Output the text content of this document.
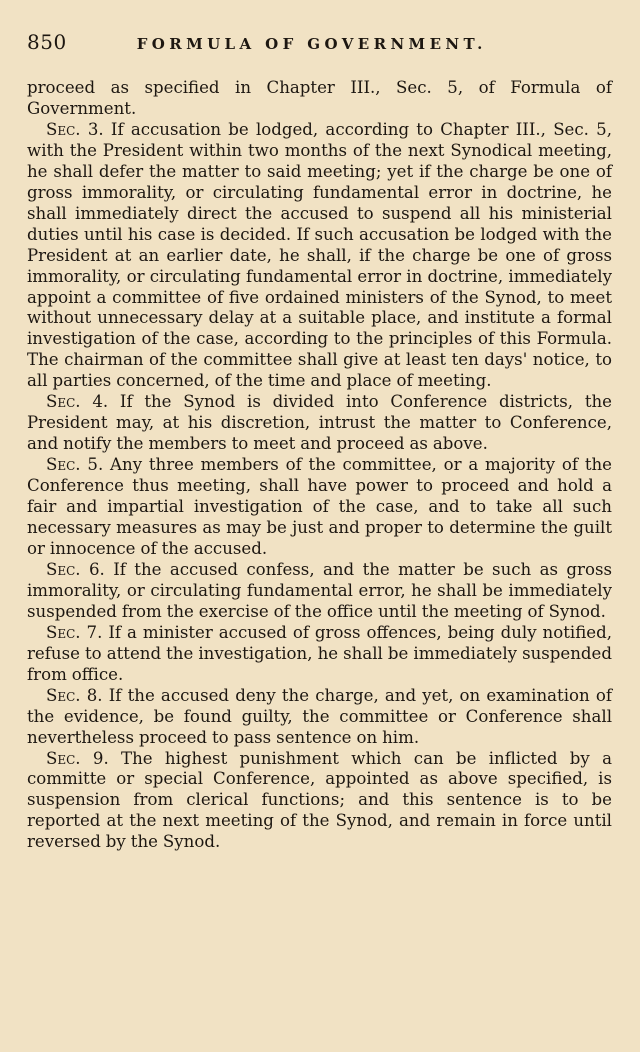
850	FORMULA OF GOVERNMENT.

proceed as specified in Chapter III., Sec. 5, of Formula of Government.

Sec. 3. If accusation be lodged, according to Chapter III., Sec. 5, with the President within two months of the next Synodical meeting, he shall defer the matter to said meeting; yet if the charge be one of gross immorality, or circulating fundamental error in doctrine, he shall immediately direct the accused to suspend all his ministerial duties until his case is decided. If such accusation be lodged with the President at an earlier date, he shall, if the charge be one of gross immorality, or circulating fundamental error in doctrine, immediately appoint a committee of five ordained ministers of the Synod, to meet without unnecessary delay at a suitable place, and institute a formal investigation of the case, according to the principles of this Formula. The chairman of the committee shall give at least ten days' notice, to all parties concerned, of the time and place of meeting.

Sec. 4. If the Synod is divided into Conference districts, the President may, at his discretion, intrust the matter to Conference, and notify the members to meet and proceed as above.

Sec. 5. Any three members of the committee, or a majority of the Conference thus meeting, shall have power to proceed and hold a fair and impartial investigation of the case, and to take all such necessary measures as may be just and proper to determine the guilt or innocence of the accused.

Sec. 6. If the accused confess, and the matter be such as gross immorality, or circulating fundamental error, he shall be immediately suspended from the exercise of the office until the meeting of Synod.

Sec. 7. If a minister accused of gross offences, being duly notified, refuse to attend the investigation, he shall be immediately suspended from office.

Sec. 8. If the accused deny the charge, and yet, on examination of the evidence, be found guilty, the committee or Conference shall nevertheless proceed to pass sentence on him.

Sec. 9. The highest punishment which can be inflicted by a committe or special Conference, appointed as above specified, is suspension from clerical functions; and this sentence is to be reported at the next meeting of the Synod, and remain in force until reversed by the Synod.
